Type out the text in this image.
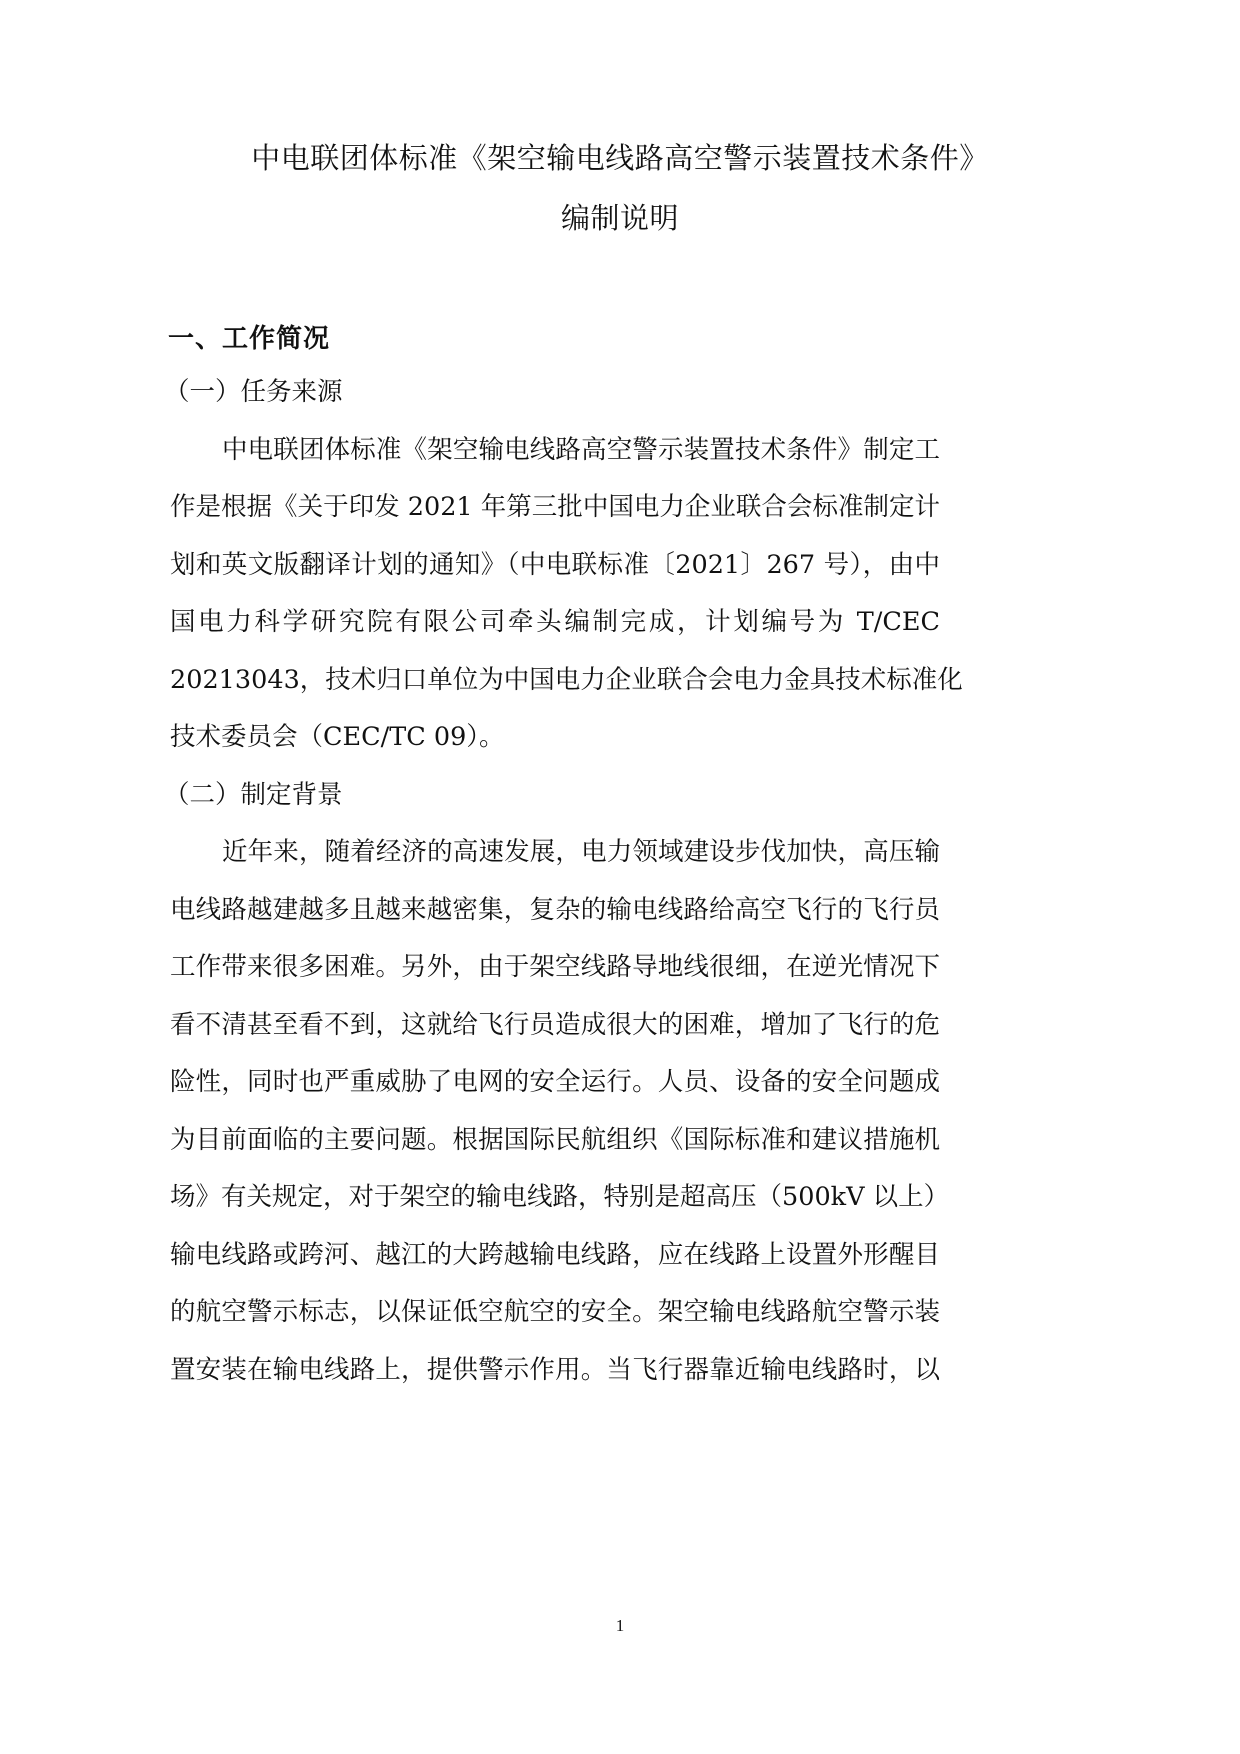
中电联团体标准《架空输电线路高空警示装置技术条件》
编制说明
一、工作简况
（一）任务来源
中电联团体标准《架空输电线路高空警示装置技术条件》制定工
作是根据《关于印发 2021 年第三批中国电力企业联合会标准制定计
划和英文版翻译计划的通知》（中电联标准〔2021〕267 号），由中
国电力科学研究院有限公司牵头编制完成，计划编号为 T/CEC
20213043，技术归口单位为中国电力企业联合会电力金具技术标准化
技术委员会（CEC/TC 09）。
（二）制定背景
近年来，随着经济的高速发展，电力领域建设步伐加快，高压输
电线路越建越多且越来越密集，复杂的输电线路给高空飞行的飞行员
工作带来很多困难。另外，由于架空线路导地线很细，在逆光情况下
看不清甚至看不到，这就给飞行员造成很大的困难，增加了飞行的危
险性，同时也严重威胁了电网的安全运行。人员、设备的安全问题成
为目前面临的主要问题。根据国际民航组织《国际标准和建议措施机
场》有关规定，对于架空的输电线路，特别是超高压（500kV 以上）
输电线路或跨河、越江的大跨越输电线路，应在线路上设置外形醒目
的航空警示标志，以保证低空航空的安全。架空输电线路航空警示装
置安装在输电线路上，提供警示作用。当飞行器靠近输电线路时，以
1
